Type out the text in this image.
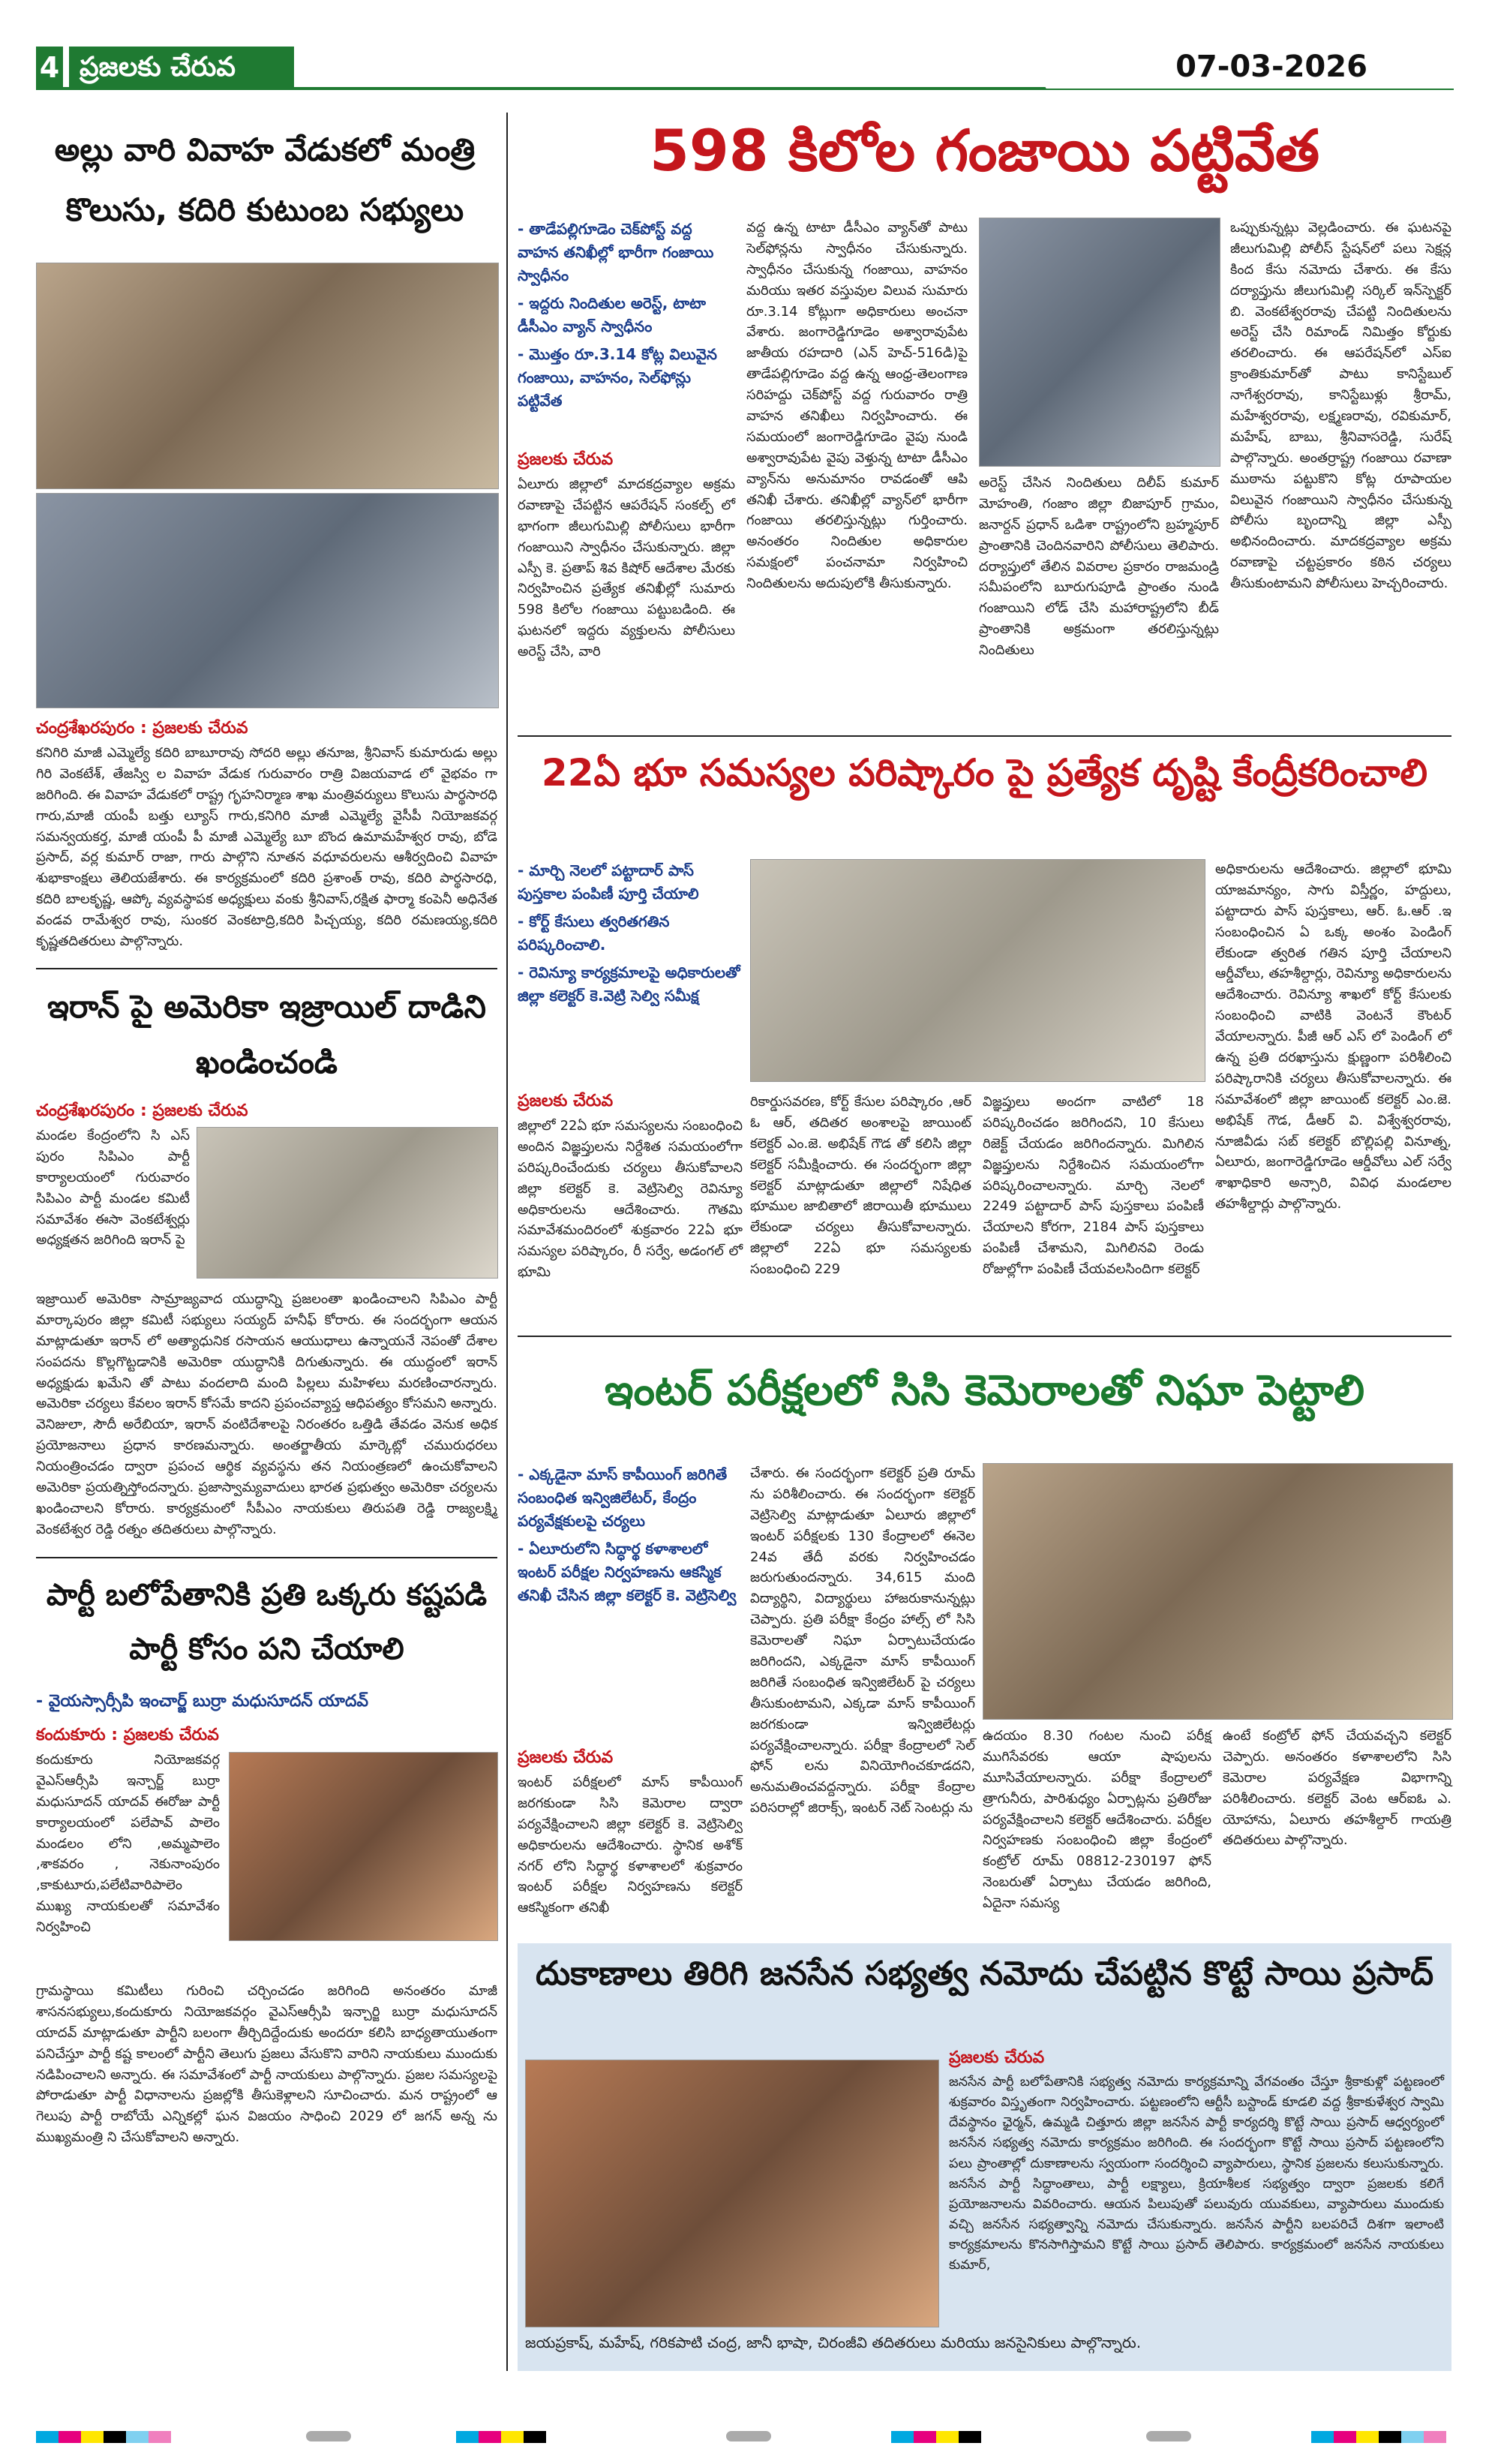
4 ప్రజలకు చేరువ	07-03-2026
అల్లు వారి వివాహ వేడుకలో మంత్రి కొలుసు, కదిరి కుటుంబ సభ్యులు
చంద్రశేఖరపురం : ప్రజలకు చేరువ
కనిగిరి మాజీ ఎమ్మెల్యే కదిరి బాబూరావు సోదరి అల్లు తనూజ, శ్రీనివాస్ కుమారుడు అల్లు గిరి వెంకటేశ్, తేజస్వి ల వివాహ వేడుక గురువారం రాత్రి విజయవాడ లో వైభవం గా జరిగింది. ఈ వివాహ వేడుకలో రాష్ట్ర గృహనిర్మాణ శాఖ మంత్రివర్యులు కొలుసు పార్థసారధి గారు,మాజీ యంపీ బత్తు ల్యూస్ గారు,కనిగిరి మాజీ ఎమ్మెల్యే వైసీపీ నియోజకవర్గ సమన్వయకర్త, మాజీ యంపీ పీ మాజీ ఎమ్మెల్యే బూ బొంద ఉమామహేశ్వర రావు, బోడె ప్రసాద్, వర్ల కుమార్ రాజా, గారు పాల్గొని నూతన వధూవరులను ఆశీర్వదించి వివాహ శుభాకాంక్షలు తెలియజేశారు. ఈ కార్యక్రమంలో కదిరి ప్రశాంత్ రావు, కదిరి పార్థసారధి, కదిరి బాలకృష్ణ, ఆప్కో వ్యవస్థాపక అధ్యక్షులు వంకు శ్రీనివాస్,రక్షిత ఫార్మా కంపెనీ అధినేత వండవ రామేశ్వర రావు, సుంకర వెంకటాద్రి,కదిరి పిచ్చయ్య, కదిరి రమణయ్య,కదిరి కృష్ణతదితరులు పాల్గొన్నారు.
ఇరాన్ పై అమెరికా ఇజ్రాయిల్ దాడిని ఖండించండి
చంద్రశేఖరపురం : ప్రజలకు చేరువ
మండల కేంద్రంలోని సి ఎస్ పురం సిపిఎం పార్టీ కార్యాలయంలో గురువారం సిపిఎం పార్టీ మండల కమిటీ సమావేశం ఈసా వెంకటేశ్వర్లు అధ్యక్షతన జరిగింది ఇరాన్ పై
ఇజ్రాయిల్ అమెరికా సామ్రాజ్యవాద యుద్ధాన్ని ప్రజలంతా ఖండించాలని సిపిఎం పార్టీ మార్కాపురం జిల్లా కమిటీ సభ్యులు సయ్యద్ హనీఫ్ కోరారు. ఈ సందర్భంగా ఆయన మాట్లాడుతూ ఇరాన్ లో అత్యాధునిక రసాయన ఆయుధాలు ఉన్నాయనే నెపంతో దేశాల సంపదను కొల్లగొట్టడానికి అమెరికా యుద్ధానికి దిగుతున్నారు. ఈ యుద్ధంలో ఇరాన్ అధ్యక్షుడు ఖమేని తో పాటు వందలాది మంది పిల్లలు మహిళలు మరణించారన్నారు. అమెరికా చర్యలు కేవలం ఇరాన్ కోసమే కాదని ప్రపంచవ్యాప్త ఆధిపత్యం కోసమని అన్నారు. వెనిజులా, సౌదీ అరేబియా, ఇరాన్ వంటిదేశాలపై నిరంతరం ఒత్తిడి తేవడం వెనుక అధిక ప్రయోజనాలు ప్రధాన కారణమన్నారు. అంతర్జాతీయ మార్కెట్లో చమురుధరలు నియంత్రించడం ద్వారా ప్రపంచ ఆర్థిక వ్యవస్థను తన నియంత్రణలో ఉంచుకోవాలని అమెరికా ప్రయత్నిస్తోందన్నారు. ప్రజాస్వామ్యవాదులు భారత ప్రభుత్వం అమెరికా చర్యలను ఖండించాలని కోరారు. కార్యక్రమంలో సీపీఎం నాయకులు తిరుపతి రెడ్డి రాజ్యలక్ష్మి వెంకటేశ్వర రెడ్డి రత్నం తదితరులు పాల్గొన్నారు.
పార్టీ బలోపేతానికి ప్రతి ఒక్కరు కష్టపడి పార్టీ కోసం పని చేయాలి
- వైయస్సార్సీపి ఇంచార్జ్ బుర్రా మధుసూదన్ యాదవ్
కందుకూరు : ప్రజలకు చేరువ
కందుకూరు నియోజకవర్గ వైఎస్ఆర్సీపి ఇన్చార్జ్ బుర్రా మధుసూదన్ యాదవ్ ఈరోజు పార్టీ కార్యాలయంలో పలేపావ్ పాలెం మండలం లోని ,అమ్మపాలెం ,శాకవరం , నెకునాంపురం ,కాకుటూరు,పలేటివారిపాలెం ముఖ్య నాయకులతో సమావేశం నిర్వహించి
గ్రామస్థాయి కమిటీలు గురించి చర్చించడం జరిగింది అనంతరం మాజీ శాసనసభ్యులు,కందుకూరు నియోజకవర్గం వైఎస్ఆర్సీపి ఇన్చార్జి బుర్రా మధుసూదన్ యాదవ్ మాట్లాడుతూ పార్టీని బలంగా తీర్చిదిద్దేందుకు అందరూ కలిసి బాధ్యతాయుతంగా పనిచేస్తూ పార్టీ కష్ట కాలంలో పార్టీని తెలుగు ప్రజలు వేసుకొని వారిని నాయకులు ముందుకు నడిపించాలని అన్నారు. ఈ సమావేశంలో పార్టీ నాయకులు పాల్గొన్నారు. ప్రజల సమస్యలపై పోరాడుతూ పార్టీ విధానాలను ప్రజల్లోకి తీసుకెళ్లాలని సూచించారు. మన రాష్ట్రంలో ఆ గెలుపు పార్టీ రాబోయే ఎన్నికల్లో ఘన విజయం సాధించి 2029 లో జగన్ అన్న ను ముఖ్యమంత్రి ని చేసుకోవాలని అన్నారు.
598 కిలోల గంజాయి పట్టివేత
- తాడేపల్లిగూడెం చెక్‌పోస్ట్ వద్ద వాహన తనిఖీల్లో భారీగా గంజాయి స్వాధీనం
- ఇద్దరు నిందితుల అరెస్ట్, టాటా డీసీఎం వ్యాన్ స్వాధీనం
- మొత్తం రూ.3.14 కోట్ల విలువైన గంజాయి, వాహనం, సెల్‌ఫోన్లు పట్టివేత
ప్రజలకు చేరువ
ఏలూరు జిల్లాలో మాదకద్రవ్యాల అక్రమ రవాణాపై చేపట్టిన ఆపరేషన్ సంకల్ప్ లో భాగంగా జీలుగుమిల్లి పోలీసులు భారీగా గంజాయిని స్వాధీనం చేసుకున్నారు. జిల్లా ఎస్పీ కె. ప్రతాప్ శివ కిషోర్ ఆదేశాల మేరకు నిర్వహించిన ప్రత్యేక తనిఖీల్లో సుమారు 598 కిలోల గంజాయి పట్టుబడింది. ఈ ఘటనలో ఇద్దరు వ్యక్తులను పోలీసులు అరెస్ట్ చేసి, వారి
వద్ద ఉన్న టాటా డీసీఎం వ్యాన్‌తో పాటు సెల్‌ఫోన్లను స్వాధీనం చేసుకున్నారు. స్వాధీనం చేసుకున్న గంజాయి, వాహనం మరియు ఇతర వస్తువుల విలువ సుమారు రూ.3.14 కోట్లుగా అధికారులు అంచనా వేశారు. జంగారెడ్డిగూడెం అశ్వారావుపేట జాతీయ రహదారి (ఎన్ హెచ్-516డి)పై తాడేపల్లిగూడెం వద్ద ఉన్న ఆంధ్ర-తెలంగాణ సరిహద్దు చెక్‌పోస్ట్ వద్ద గురువారం రాత్రి వాహన తనిఖీలు నిర్వహించారు. ఈ సమయంలో జంగారెడ్డిగూడెం వైపు నుండి అశ్వారావుపేట వైపు వెళ్తున్న టాటా డీసీఎం వ్యాన్‌ను అనుమానం రావడంతో ఆపి తనిఖీ చేశారు. తనిఖీల్లో వ్యాన్‌లో భారీగా గంజాయి తరలిస్తున్నట్లు గుర్తించారు. అనంతరం నిందితుల అధికారుల సమక్షంలో పంచనామా నిర్వహించి నిందితులను అదుపులోకి తీసుకున్నారు.
అరెస్ట్ చేసిన నిందితులు దిలీప్ కుమార్ మోహంతి, గంజాం జిల్లా బిజాపూర్ గ్రామం, జనార్దన్ ప్రధాన్ ఒడిశా రాష్ట్రంలోని బ్రహ్మపూర్ ప్రాంతానికి చెందినవారిని పోలీసులు తెలిపారు. దర్యాప్తులో తేలిన వివరాల ప్రకారం రాజమండ్రి సమీపంలోని బూరుగుపూడి ప్రాంతం నుండి గంజాయిని లోడ్ చేసి మహారాష్ట్రలోని బీడ్ ప్రాంతానికి అక్రమంగా తరలిస్తున్నట్లు నిందితులు
ఒప్పుకున్నట్లు వెల్లడించారు. ఈ ఘటనపై జీలుగుమిల్లి పోలీస్ స్టేషన్‌లో పలు సెక్షన్ల కింద కేసు నమోదు చేశారు. ఈ కేసు దర్యాప్తును జీలుగుమిల్లి సర్కిల్ ఇన్‌స్పెక్టర్ బి. వెంకటేశ్వరరావు చేపట్టి నిందితులను అరెస్ట్ చేసి రిమాండ్ నిమిత్తం కోర్టుకు తరలించారు. ఈ ఆపరేషన్‌లో ఎస్ఐ క్రాంతికుమార్‌తో పాటు కానిస్టేబుల్ నాగేశ్వరరావు, కానిస్టేబుళ్లు శ్రీరామ్, మహేశ్వరరావు, లక్ష్మణరావు, రవికుమార్, మహేష్, బాబు, శ్రీనివాసరెడ్డి, సురేష్ పాల్గొన్నారు. అంతర్రాష్ట్ర గంజాయి రవాణా ముఠాను పట్టుకొని కోట్ల రూపాయల విలువైన గంజాయిని స్వాధీనం చేసుకున్న పోలీసు బృందాన్ని జిల్లా ఎస్పీ అభినందించారు. మాదకద్రవ్యాల అక్రమ రవాణాపై చట్టప్రకారం కఠిన చర్యలు తీసుకుంటామని పోలీసులు హెచ్చరించారు.
22ఏ భూ సమస్యల పరిష్కారం పై ప్రత్యేక దృష్టి కేంద్రీకరించాలి
- మార్చి నెలలో పట్టాదార్ పాస్ పుస్తకాల పంపిణీ పూర్తి చేయాలి
- కోర్ట్ కేసులు త్వరితగతిన పరిష్కరించాలి.
- రెవిన్యూ కార్యక్రమాలపై అధికారులతో జిల్లా కలెక్టర్ కె.వెట్రి సెల్వి సమీక్ష
ప్రజలకు చేరువ
జిల్లాలో 22ఏ భూ సమస్యలను సంబంధించి అందిన విజ్ఞప్తులను నిర్దేశిత సమయంలోగా పరిష్కరించేందుకు చర్యలు తీసుకోవాలని జిల్లా కలెక్టర్ కె. వెట్రిసెల్వి రెవిన్యూ అధికారులను ఆదేశించారు. గౌతమి సమావేశమందిరంలో శుక్రవారం 22ఏ భూ సమస్యల పరిష్కారం, రీ సర్వే, అడంగల్ లో భూమి
రికార్డుసవరణ, కోర్ట్ కేసుల పరిష్కారం ,ఆర్ ఓ ఆర్, తదితర అంశాలపై జాయింట్ కలెక్టర్ ఎం.జె. అభిషేక్ గౌడ తో కలిసి జిల్లా కలెక్టర్ సమీక్షించారు. ఈ సందర్భంగా జిల్లా కలెక్టర్ మాట్లాడుతూ జిల్లాలో నిషేధిత భూముల జాబితాలో జిరాయితీ భూములు లేకుండా చర్యలు తీసుకోవాలన్నారు. జిల్లాలో 22ఏ భూ సమస్యలకు సంబంధించి 229
విజ్ఞప్తులు అందగా వాటిలో 18 పరిష్కరించడం జరిగిందని, 10 కేసులు రిజెక్ట్ చేయడం జరిగిందన్నారు. మిగిలిన విజ్ఞప్తులను నిర్దేశించిన సమయంలోగా పరిష్కరించాలన్నారు. మార్చి నెలలో 2249 పట్టాదార్ పాస్ పుస్తకాలు పంపిణీ చేయాలని కోరగా, 2184 పాస్ పుస్తకాలు పంపిణీ చేశామని, మిగిలినవి రెండు రోజుల్లోగా పంపిణీ చేయవలసిందిగా కలెక్టర్
అధికారులను ఆదేశించారు. జిల్లాలో భూమి యాజమాన్యం, సాగు విస్తీర్ణం, హద్దులు, పట్టాదారు పాస్ పుస్తకాలు, ఆర్. ఓ.ఆర్ .ఇ సంబంధించిన ఏ ఒక్క అంశం పెండింగ్ లేకుండా త్వరిత గతిన పూర్తి చేయాలని ఆర్డీవోలు, తహశీల్దార్లు, రెవిన్యూ అధికారులను ఆదేశించారు. రెవిన్యూ శాఖలో కోర్ట్ కేసులకు సంబంధించి వాటికి వెంటనే కౌంటర్ వేయాలన్నారు. పీజీ ఆర్ ఎస్ లో పెండింగ్ లో ఉన్న ప్రతి దరఖాస్తును క్షుణ్ణంగా పరిశీలించి పరిష్కారానికి చర్యలు తీసుకోవాలన్నారు. ఈ సమావేశంలో జిల్లా జాయింట్ కలెక్టర్ ఎం.జె. అభిషేక్ గౌడ, డీఆర్ వి. విశ్వేశ్వరరావు, నూజివీడు సబ్ కలెక్టర్ బొల్లిపల్లి వినూత్న, ఏలూరు, జంగారెడ్డిగూడెం ఆర్డీవోలు ఎల్ సర్వే శాఖాధికారి అన్సారి, వివిధ మండలాల తహశీల్దార్లు పాల్గొన్నారు.
ఇంటర్ పరీక్షలలో సిసి కెమెరాలతో నిఘా పెట్టాలి
- ఎక్కడైనా మాస్ కాపీయింగ్ జరిగితే సంబంధిత ఇన్విజిలేటర్, కేంద్రం పర్యవేక్షకులపై చర్యలు
- ఏలూరులోని సిద్ధార్థ కళాశాలలో ఇంటర్ పరీక్షల నిర్వహణను ఆకస్మిక తనిఖీ చేసిన జిల్లా కలెక్టర్ కె. వెట్రిసెల్వి
ప్రజలకు చేరువ
ఇంటర్ పరీక్షలలో మాస్ కాపీయింగ్ జరగకుండా సిసి కెమెరాల ద్వారా పర్యవేక్షించాలని జిల్లా కలెక్టర్ కె. వెట్రిసెల్వి అధికారులను ఆదేశించారు. స్థానిక అశోక్ నగర్ లోని సిద్ధార్థ కళాశాలలో శుక్రవారం ఇంటర్ పరీక్షల నిర్వహణను కలెక్టర్ ఆకస్మికంగా తనిఖీ
చేశారు. ఈ సందర్భంగా కలెక్టర్ ప్రతి రూమ్ ను పరిశీలించారు. ఈ సందర్భంగా కలెక్టర్ వెట్రిసెల్వి మాట్లాడుతూ ఏలూరు జిల్లాలో ఇంటర్ పరీక్షలకు 130 కేంద్రాలలో ఈనెల 24వ తేదీ వరకు నిర్వహించడం జరుగుతుందన్నారు. 34,615 మంది విద్యార్థిని, విద్యార్థులు హాజరుకానున్నట్లు చెప్పారు. ప్రతి పరీక్షా కేంద్రం హాల్స్ లో సిసి కెమెరాలతో నిఘా ఏర్పాటుచేయడం జరిగిందని, ఎక్కడైనా మాస్ కాపీయింగ్ జరిగితే సంబంధిత ఇన్విజిలేటర్ పై చర్యలు తీసుకుంటామని, ఎక్కడా మాస్ కాపీయింగ్ జరగకుండా ఇన్విజిలేటర్లు పర్యవేక్షించాలన్నారు. పరీక్షా కేంద్రాలలో సెల్ ఫోన్ లను వినియోగించకూడదని, అనుమతించవద్దన్నారు. పరీక్షా కేంద్రాల పరిసరాల్లో జిరాక్స్, ఇంటర్ నెట్ సెంటర్లు ను
ఉదయం 8.30 గంటల నుంచి పరీక్ష ముగిసేవరకు ఆయా షాపులను మూసివేయాలన్నారు. పరీక్షా కేంద్రాలలో త్రాగునీరు, పారిశుధ్యం ఏర్పాట్లను ప్రతిరోజు పర్యవేక్షించాలని కలెక్టర్ ఆదేశించారు. పరీక్షల నిర్వహణకు సంబంధించి జిల్లా కేంద్రంలో కంట్రోల్ రూమ్ 08812-230197 ఫోన్ నెంబరుతో ఏర్పాటు చేయడం జరిగింది, ఏదైనా సమస్య
ఉంటే కంట్రోల్ ఫోన్ చేయవచ్చని కలెక్టర్ చెప్పారు. అనంతరం కళాశాలలోని సిసి కెమెరాల పర్యవేక్షణ విభాగాన్ని పరిశీలించారు. కలెక్టర్ వెంట ఆర్ఐఓ ఎ. యోహాను, ఏలూరు తహశీల్దార్ గాయత్రి తదితరులు పాల్గొన్నారు.
దుకాణాలు తిరిగి జనసేన సభ్యత్వ నమోదు చేపట్టిన కొట్టే సాయి ప్రసాద్
ప్రజలకు చేరువ
జనసేన పార్టీ బలోపేతానికి సభ్యత్వ నమోదు కార్యక్రమాన్ని వేగవంతం చేస్తూ శ్రీకాకుళ్లో పట్టణంలో శుక్రవారం విస్తృతంగా నిర్వహించారు. పట్టణంలోని ఆర్టీసీ బస్టాండ్ కూడలి వద్ద శ్రీకాకుళేశ్వర స్వామి దేవస్థానం ఛైర్మన్, ఉమ్మడి చిత్తూరు జిల్లా జనసేన పార్టీ కార్యదర్శి కొట్టే సాయి ప్రసాద్ ఆధ్వర్యంలో జనసేన సభ్యత్వ నమోదు కార్యక్రమం జరిగింది. ఈ సందర్భంగా కొట్టే సాయి ప్రసాద్ పట్టణంలోని పలు ప్రాంతాల్లో దుకాణాలను స్వయంగా సందర్శించి వ్యాపారులు, స్థానిక ప్రజలను కలుసుకున్నారు. జనసేన పార్టీ సిద్ధాంతాలు, పార్టీ లక్ష్యాలు, క్రియాశీలక సభ్యత్వం ద్వారా ప్రజలకు కలిగే ప్రయోజనాలను వివరించారు. ఆయన పిలుపుతో పలువురు యువకులు, వ్యాపారులు ముందుకు వచ్చి జనసేన సభ్యత్వాన్ని నమోదు చేసుకున్నారు. జనసేన పార్టీని బలపరిచే దిశగా ఇలాంటి కార్యక్రమాలను కొనసాగిస్తామని కొట్టే సాయి ప్రసాద్ తెలిపారు. కార్యక్రమంలో జనసేన నాయకులు కుమార్,
జయప్రకాష్, మహేష్, గరికపాటి చంద్ర, జానీ భాషా, చిరంజీవి తదితరులు మరియు జనసైనికులు పాల్గొన్నారు.
